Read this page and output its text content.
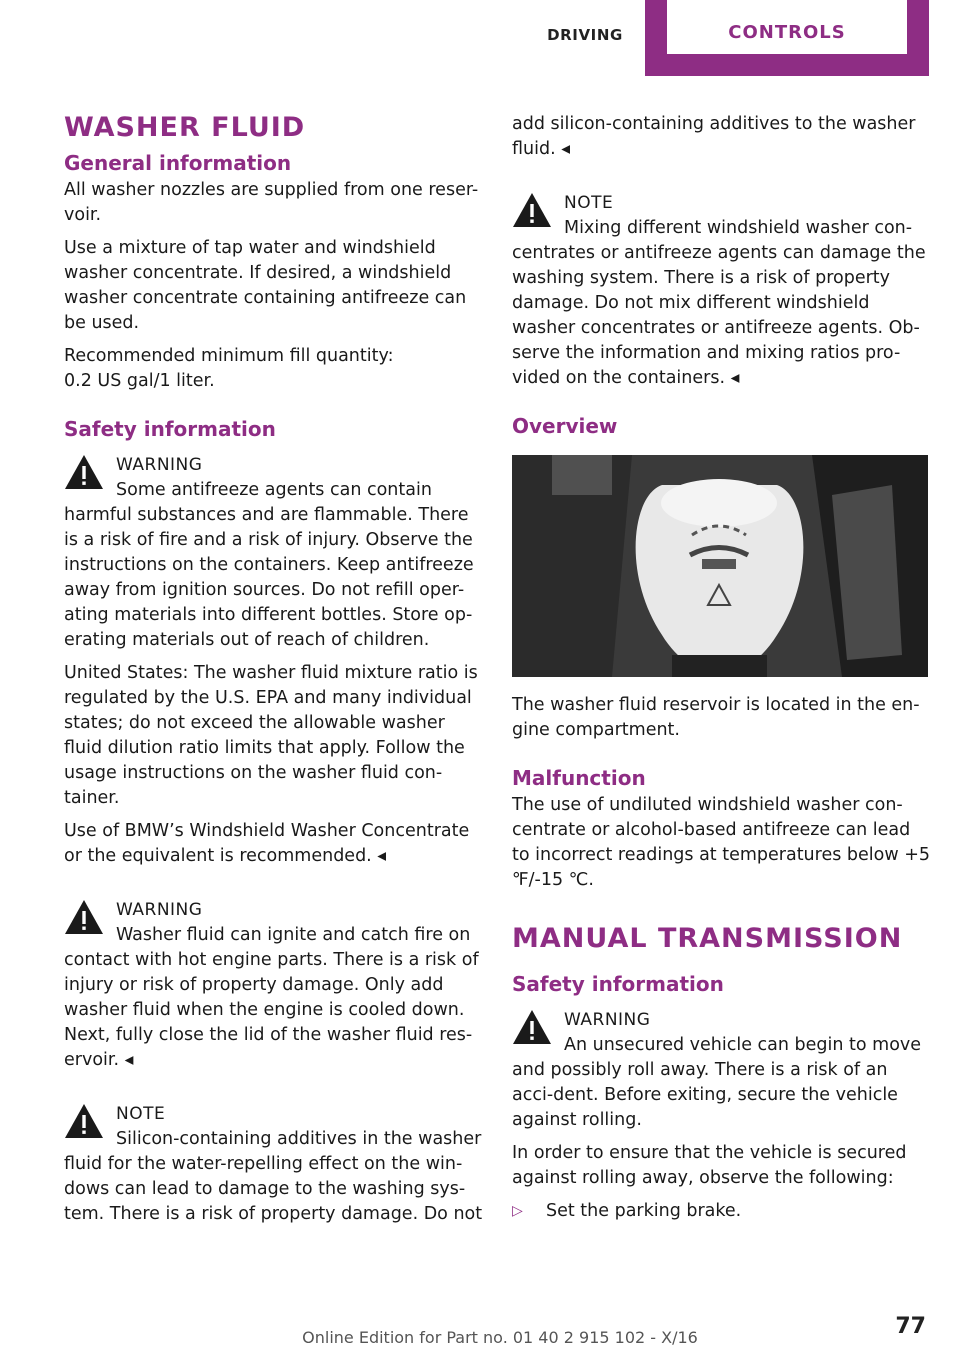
DRIVING	CONTROLS
WASHER FLUID
General information

All washer nozzles are supplied from one reser-voir.

Use a mixture of tap water and windshield washer concentrate. If desired, a windshield washer concentrate containing antifreeze can be used.

Recommended minimum fill quantity:
0.2 US gal/1 liter.

Safety information
WARNING
Some antifreeze agents can contain

harmful substances and are flammable. There is a risk of fire and a risk of injury. Observe the instructions on the containers. Keep antifreeze away from ignition sources. Do not refill oper-ating materials into different bottles. Store op-erating materials out of reach of children.

United States: The washer fluid mixture ratio is regulated by the U.S. EPA and many individual states; do not exceed the allowable washer fluid dilution ratio limits that apply. Follow the usage instructions on the washer fluid con-tainer.

Use of BMW’s Windshield Washer Concentrate or the equivalent is recommended. ◂

WARNING
Washer fluid can ignite and catch fire on

contact with hot engine parts. There is a risk of injury or risk of property damage. Only add washer fluid when the engine is cooled down. Next, fully close the lid of the washer fluid res-ervoir. ◂

NOTE
Silicon-containing additives in the washer

fluid for the water-repelling effect on the win-dows can lead to damage to the washing sys-tem. There is a risk of property damage. Do not

add silicon-containing additives to the washer fluid. ◂

NOTE
Mixing different windshield washer con-

centrates or antifreeze agents can damage the washing system. There is a risk of property damage. Do not mix different windshield washer concentrates or antifreeze agents. Ob-serve the information and mixing ratios pro-vided on the containers. ◂

Overview

The washer fluid reservoir is located in the en-gine compartment.

Malfunction

The use of undiluted windshield washer con-centrate or alcohol-based antifreeze can lead to incorrect readings at temperatures below +5 ℉/-15 ℃.

MANUAL TRANSMISSION
Safety information
WARNING
An unsecured vehicle can begin to move

and possibly roll away. There is a risk of an acci-dent. Before exiting, secure the vehicle against rolling.

In order to ensure that the vehicle is secured against rolling away, observe the following:

▷ Set the parking brake.
Online Edition for Part no. 01 40 2 915 102 - X/16	77
